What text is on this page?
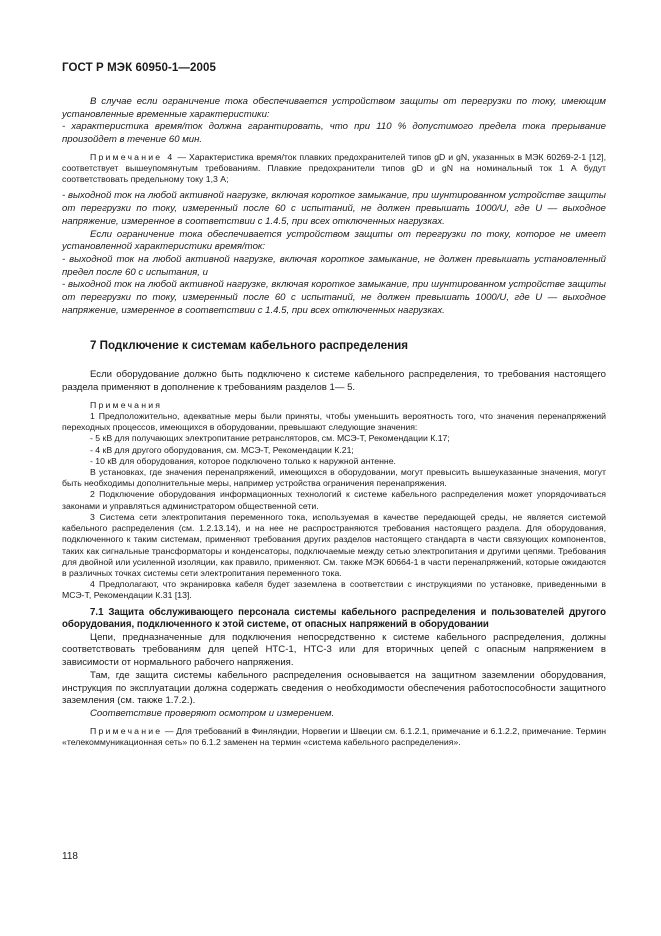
ГОСТ Р МЭК 60950-1—2005

В случае если ограничение тока обеспечивается устройством защиты от перегрузки по току, имеющим установленные временные характеристики:

- характеристика время/ток должна гарантировать, что при 110 % допустимого предела тока прерывание произойдет в течение 60 мин.

Примечание 4 — Характеристика время/ток плавких предохранителей типов gD и gN, указанных в МЭК 60269-2-1 [12], соответствует вышеупомянутым требованиям. Плавкие предохранители типов gD и gN на номинальный ток 1 А будут соответствовать предельному току 1,3 А;

- выходной ток на любой активной нагрузке, включая короткое замыкание, при шунтированном устройстве защиты от перегрузки по току, измеренный после 60 с испытаний, не должен превышать 1000/U, где U — выходное напряжение, измеренное в соответствии с 1.4.5, при всех отключенных нагрузках.

Если ограничение тока обеспечивается устройством защиты от перегрузки по току, которое не имеет установленной характеристики время/ток:

- выходной ток на любой активной нагрузке, включая короткое замыкание, не должен превышать установленный предел после 60 с испытания, и

- выходной ток на любой активной нагрузке, включая короткое замыкание, при шунтированном устройстве защиты от перегрузки по току, измеренный после 60 с испытаний, не должен превышать 1000/U, где U — выходное напряжение, измеренное в соответствии с 1.4.5, при всех отключенных нагрузках.

7 Подключение к системам кабельного распределения

Если оборудование должно быть подключено к системе кабельного распределения, то требования настоящего раздела применяют в дополнение к требованиям разделов 1— 5.

Примечания

1 Предположительно, адекватные меры были приняты, чтобы уменьшить вероятность того, что значения перенапряжений переходных процессов, имеющихся в оборудовании, превышают следующие значения:

- 5 кВ для получающих электропитание ретрансляторов, см. МСЭ-Т, Рекомендации К.17;

- 4 кВ для другого оборудования, см. МСЭ-Т, Рекомендации К.21;

- 10 кВ для оборудования, которое подключено только к наружной антенне.

В установках, где значения перенапряжений, имеющихся в оборудовании, могут превысить вышеуказанные значения, могут быть необходимы дополнительные меры, например устройства ограничения перенапряжения.

2 Подключение оборудования информационных технологий к системе кабельного распределения может упорядочиваться законами и управляться администратором общественной сети.

3 Система сети электропитания переменного тока, используемая в качестве передающей среды, не является системой кабельного распределения (см. 1.2.13.14), и на нее не распространяются требования настоящего раздела. Для оборудования, подключенного к таким системам, применяют требования других разделов настоящего стандарта в части связующих компонентов, таких как сигнальные трансформаторы и конденсаторы, подключаемые между сетью электропитания и другими цепями. Требования для двойной или усиленной изоляции, как правило, применяют. См. также МЭК 60664-1 в части перенапряжений, которые ожидаются в различных точках системы сети электропитания переменного тока.

4 Предполагают, что экранировка кабеля будет заземлена в соответствии с инструкциями по установке, приведенными в МСЭ-Т, Рекомендации К.31 [13].

7.1 Защита обслуживающего персонала системы кабельного распределения и пользователей другого оборудования, подключенного к этой системе, от опасных напряжений в оборудовании

Цепи, предназначенные для подключения непосредственно к системе кабельного распределения, должны соответствовать требованиям для цепей НТС-1, НТС-3 или для вторичных цепей с опасным напряжением в зависимости от нормального рабочего напряжения.

Там, где защита системы кабельного распределения основывается на защитном заземлении оборудования, инструкция по эксплуатации должна содержать сведения о необходимости обеспечения работоспособности защитного заземления (см. также 1.7.2.).

Соответствие проверяют осмотром и измерением.

Примечание — Для требований в Финляндии, Норвегии и Швеции см. 6.1.2.1, примечание и 6.1.2.2, примечание. Термин «телекоммуникационная сеть» по 6.1.2 заменен на термин «система кабельного распределения».

118
